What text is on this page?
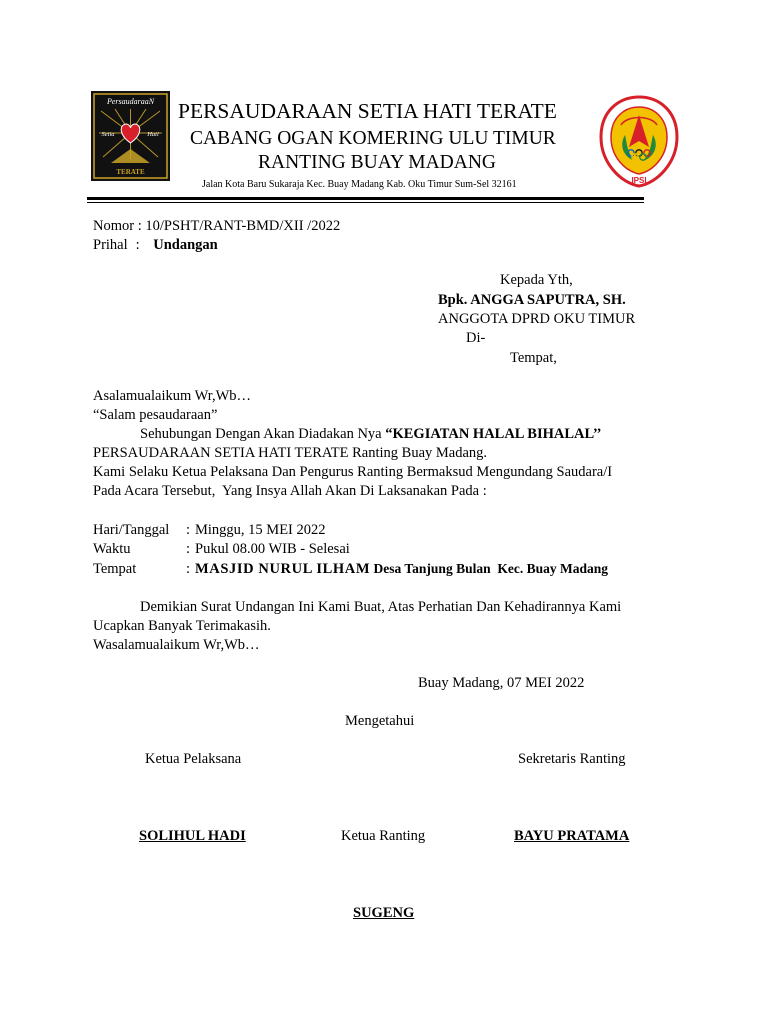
PersaudaraaN
Setia	Hati
TERATE
PERSAUDARAAN SETIA HATI TERATE
CABANG OGAN KOMERING ULU TIMUR
RANTING BUAY MADANG
Jalan Kota Baru Sukaraja Kec. Buay Madang Kab. Oku Timur Sum-Sel 32161	IPSI
Nomor : 10/PSHT/RANT-BMD/XII /2022
Prihal : Undangan
Kepada Yth,
Bpk. ANGGA SAPUTRA, SH.
ANGGOTA DPRD OKU TIMUR
Di-
Tempat,
Asalamualaikum Wr,Wb…
“Salam pesaudaraan”
Sehubungan Dengan Akan Diadakan Nya “KEGIATAN HALAL BIHALAL’’
PERSAUDARAAN SETIA HATI TERATE Ranting Buay Madang.
Kami Selaku Ketua Pelaksana Dan Pengurus Ranting Bermaksud Mengundang Saudara/I
Pada Acara Tersebut,  Yang Insya Allah Akan Di Laksanakan Pada :
Hari/Tanggal : Minggu, 15 MEI 2022
Waktu	: Pukul 08.00 WIB - Selesai
Tempat	: MASJID NURUL ILHAM Desa Tanjung Bulan  Kec. Buay Madang
Demikian Surat Undangan Ini Kami Buat, Atas Perhatian Dan Kehadirannya Kami
Ucapkan Banyak Terimakasih.
Wasalamualaikum Wr,Wb…
Buay Madang, 07 MEI 2022
Mengetahui
Ketua Pelaksana	Sekretaris Ranting
SOLIHUL HADI	Ketua Ranting	BAYU PRATAMA
SUGENG
